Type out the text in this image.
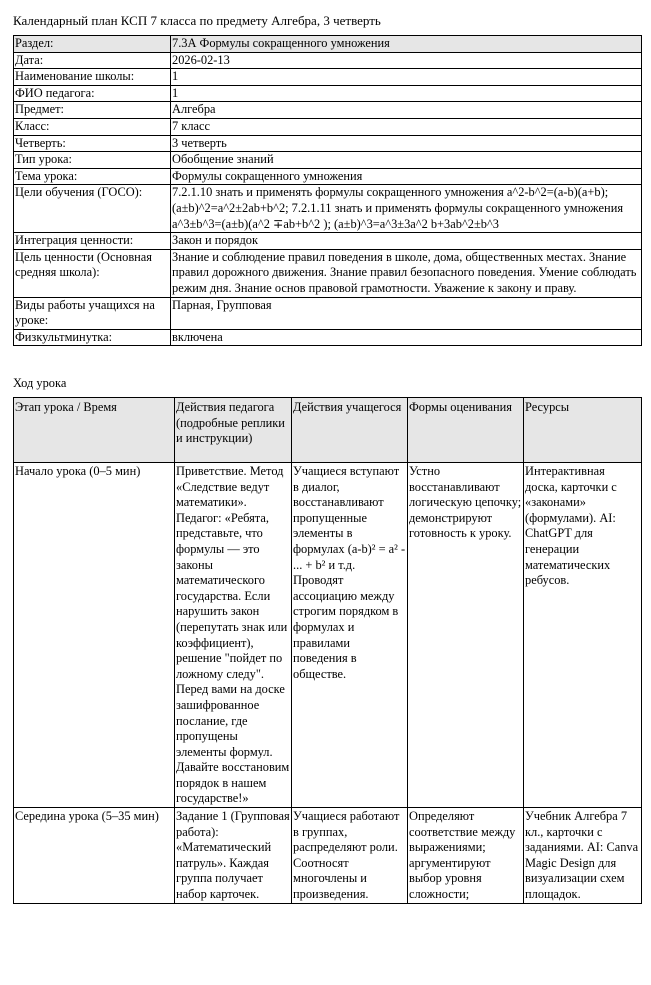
Календарный план КСП 7 класса по предмету Алгебра, 3 четверть
Раздел:	7.3А Формулы сокращенного умножения
Дата:	2026-02-13
Наименование школы:	1
ФИО педагога:	1
Предмет:	Алгебра
Класс:	7 класс
Четверть:	3 четверть
Тип урока:	Обобщение знаний
Тема урока:	Формулы сокращенного умножения
Цели обучения (ГОСО):	7.2.1.10 знать и применять формулы сокращенного умножения a^2-b^2=(a-b)(a+b); (a±b)^2=a^2±2ab+b^2; 7.2.1.11 знать и применять формулы сокращенного умножения a^3±b^3=(a±b)(a^2 ∓ab+b^2 ); (a±b)^3=a^3±3a^2 b+3ab^2±b^3
Интеграция ценности:	Закон и порядок
Цель ценности (Основная средняя школа):	Знание и соблюдение правил поведения в школе, дома, общественных местах. Знание правил дорожного движения. Знание правил безопасного поведения. Умение соблюдать режим дня. Знание основ правовой грамотности. Уважение к закону и праву.
Виды работы учащихся на уроке:	Парная, Групповая
Физкультминутка:	включена
Ход урока
Этап урока / Время	Действия педагога (подробные реплики и инструкции)	Действия учащегося	Формы оценивания	Ресурсы
Начало урока (0–5 мин)	Приветствие. Метод «Следствие ведут математики». Педагог: «Ребята, представьте, что формулы — это законы математического государства. Если нарушить закон (перепутать знак или коэффициент), решение "пойдет по ложному следу". Перед вами на доске зашифрованное послание, где пропущены элементы формул. Давайте восстановим порядок в нашем государстве!»	Учащиеся вступают в диалог, восстанавливают пропущенные элементы в формулах (a-b)² = a² - ... + b² и т.д. Проводят ассоциацию между строгим порядком в формулах и правилами поведения в обществе.	Устно восстанавливают логическую цепочку; демонстрируют готовность к уроку.	Интерактивная доска, карточки с «законами» (формулами). AI: ChatGPT для генерации математических ребусов.
Середина урока (5–35 мин)	Задание 1 (Групповая работа): «Математический патруль». Каждая группа получает набор карточек.	Учащиеся работают в группах, распределяют роли. Соотносят многочлены и произведения.	Определяют соответствие между выражениями; аргументируют выбор уровня сложности;	Учебник Алгебра 7 кл., карточки с заданиями. AI: Canva Magic Design для визуализации схем площадок.
